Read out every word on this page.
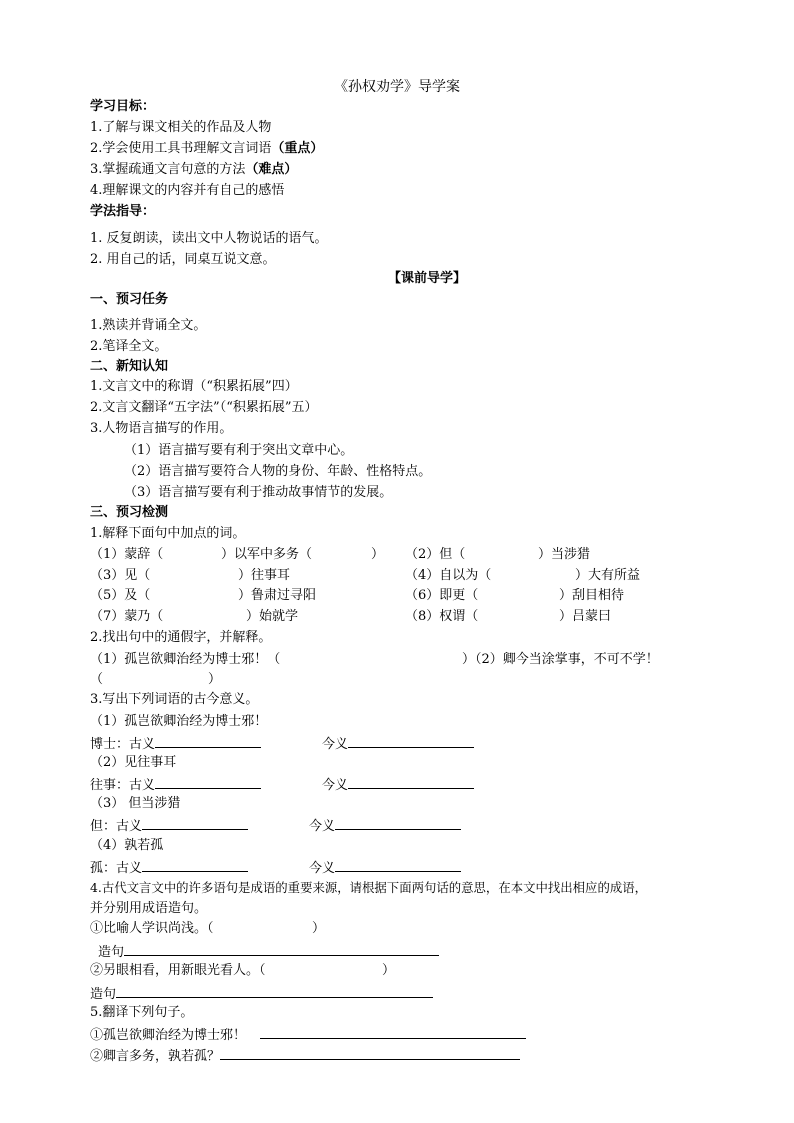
《孙权劝学》导学案
学习目标：
1.了解与课文相关的作品及人物
2.学会使用工具书理解文言词语（重点）
3.掌握疏通文言句意的方法（难点）
4.理解课文的内容并有自己的感悟
学法指导：
1. 反复朗读，读出文中人物说话的语气。
2. 用自己的话，同桌互说文意。
【课前导学】
一、预习任务
1.熟读并背诵全文。
2.笔译全文。
二、新知认知
1.文言文中的称谓（“积累拓展”四）
2.文言文翻译“五字法”（“积累拓展”五）
3.人物语言描写的作用。
（1）语言描写要有利于突出文章中心。
（2）语言描写要符合人物的身份、年龄、性格特点。
（3）语言描写要有利于推动故事情节的发展。
三、预习检测
1.解释下面句中加点的词。
（1）蒙辞（	）以军中多务（	） （2）但（	）当涉猎
（3）见（	）往事耳	（4）自以为（	）大有所益
（5）及（	）鲁肃过寻阳	（6）即更（	）刮目相待
（7）蒙乃（	）始就学	（8）权谓（	）吕蒙曰
2.找出句中的通假字，并解释。
（1）孤岂欲卿治经为博士邪！（	）（2）卿今当涂掌事，不可不学！
（	）
3.写出下列词语的古今意义。
（1）孤岂欲卿治经为博士邪！
博士：古义	今义
（2）见往事耳
往事：古义	今义
（3） 但当涉猎
但：古义	今义
（4）孰若孤
孤：古义	今义
4.古代文言文中的许多语句是成语的重要来源，请根据下面两句话的意思，在本文中找出相应的成语，
并分别用成语造句。
①比喻人学识尚浅。（	）
造句
②另眼相看，用新眼光看人。（	）
造句
5.翻译下列句子。
①孤岂欲卿治经为博士邪！
②卿言多务，孰若孤？
